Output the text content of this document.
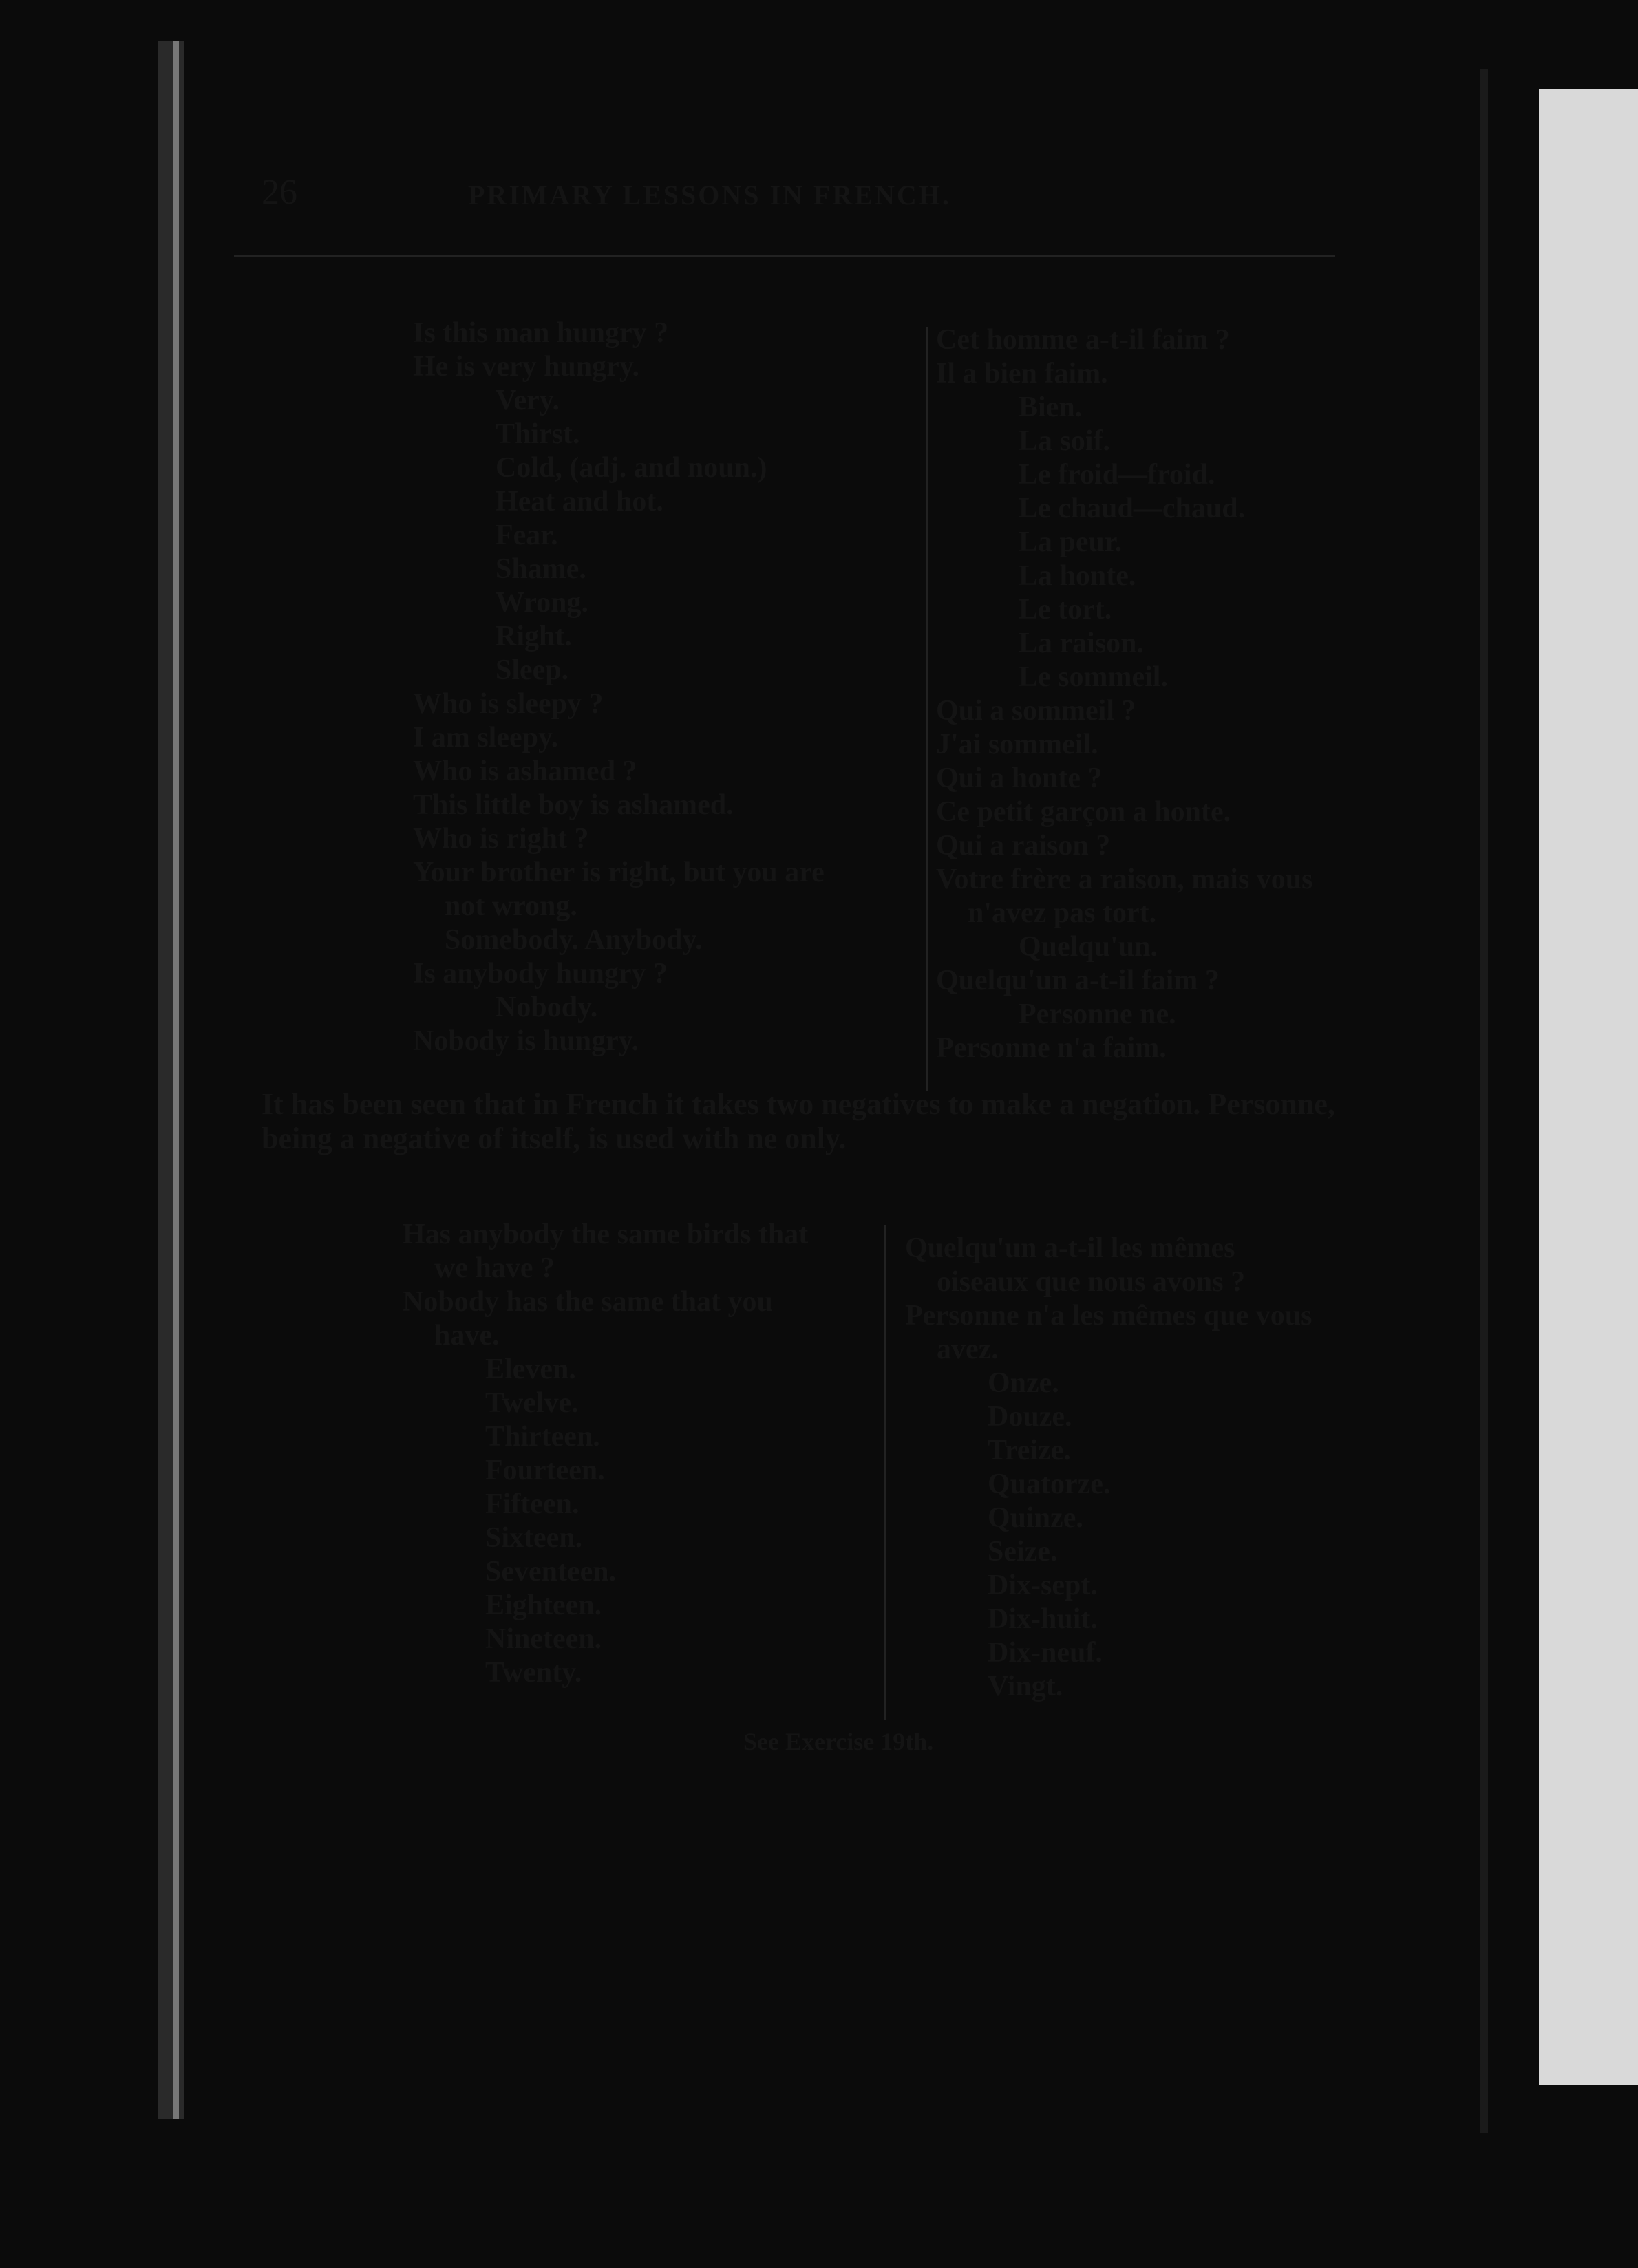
26	PRIMARY LESSONS IN FRENCH.
Is this man hungry ?
He is very hungry.
Very.
Thirst.
Cold, (adj. and noun.)
Heat and hot.
Fear.
Shame.
Wrong.
Right.
Sleep.
Who is sleepy ?
I am sleepy.
Who is ashamed ?
This little boy is ashamed.
Who is right ?
Your brother is right, but you are
not wrong.
Somebody. Anybody.
Is anybody hungry ?
Nobody.
Nobody is hungry.
Cet homme a-t-il faim ?
Il a bien faim.
Bien.
La soif.
Le froid—froid.
Le chaud—chaud.
La peur.
La honte.
Le tort.
La raison.
Le sommeil.
Qui a sommeil ?
J'ai sommeil.
Qui a honte ?
Ce petit garçon a honte.
Qui a raison ?
Votre frère a raison, mais vous
n'avez pas tort.
Quelqu'un.
Quelqu'un a-t-il faim ?
Personne ne.
Personne n'a faim.
It has been seen that in French it takes two negatives to make a negation. Personne, being a negative of itself, is used with ne only.
Has anybody the same birds that
we have ?
Nobody has the same that you
have.
Eleven.
Twelve.
Thirteen.
Fourteen.
Fifteen.
Sixteen.
Seventeen.
Eighteen.
Nineteen.
Twenty.
Quelqu'un a-t-il les mêmes
oiseaux que nous avons ?
Personne n'a les mêmes que vous
avez.
Onze.
Douze.
Treize.
Quatorze.
Quinze.
Seize.
Dix-sept.
Dix-huit.
Dix-neuf.
Vingt.
See Exercise 19th.
